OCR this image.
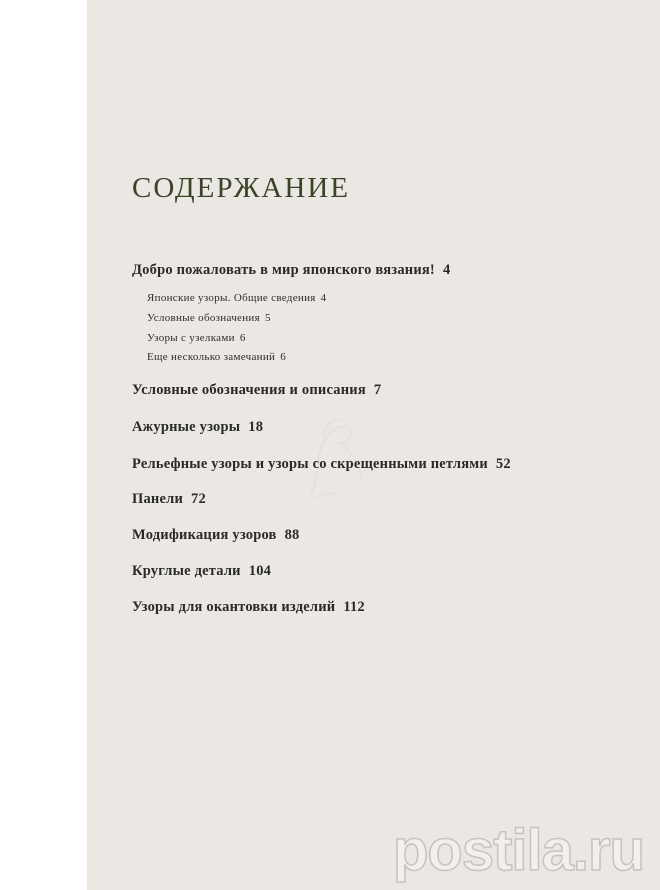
СОДЕРЖАНИЕ
Добро пожаловать в мир японского вязания! 4
Японские узоры. Общие сведения 4
Условные обозначения 5
Узоры с узелками 6
Еще несколько замечаний 6
Условные обозначения и описания 7
Ажурные узоры 18
Рельефные узоры и узоры со скрещенными петлями 52
Панели 72
Модификация узоров 88
Круглые детали 104
Узоры для окантовки изделий 112
postila.ru
